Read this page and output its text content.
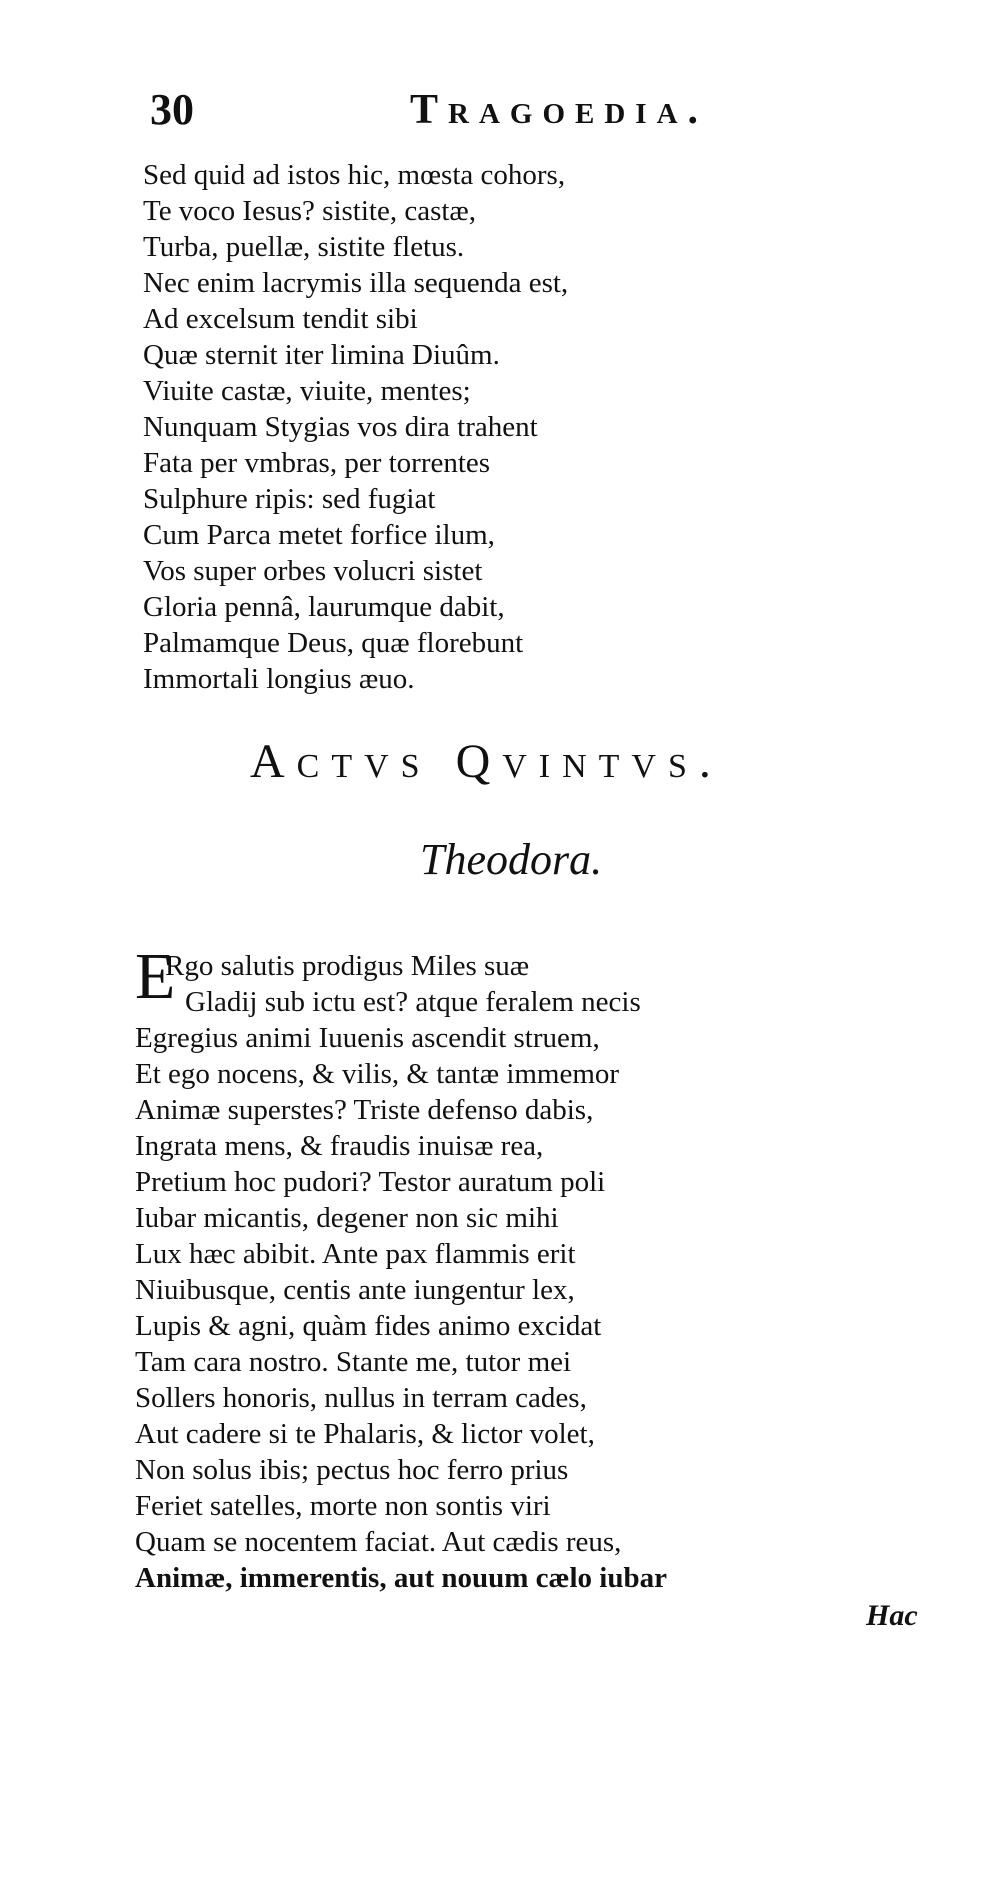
30	Tragoedia.
Sed quid ad istos hic, mœsta cohors,
Te voco Iesus? sistite, castæ,
Turba, puellæ, sistite fletus.
Nec enim lacrymis illa sequenda est,
Ad excelsum tendit sibi
Quæ sternit iter limina Diuûm.
Viuite castæ, viuite, mentes;
Nunquam Stygias vos dira trahent
Fata per vmbras, per torrentes
Sulphure ripis: sed fugiat
Cum Parca metet forfice ilum,
Vos super orbes volucri sistet
Gloria pennâ, laurumque dabit,
Palmamque Deus, quæ florebunt
Immortali longius æuo.
Actvs Qvintvs.
Theodora.
E
Rgo salutis prodigus Miles suæ
Gladij sub ictu est? atque feralem necis
Egregius animi Iuuenis ascendit struem,
Et ego nocens, & vilis, & tantæ immemor
Animæ superstes? Triste defenso dabis,
Ingrata mens, & fraudis inuisæ rea,
Pretium hoc pudori? Testor auratum poli
Iubar micantis, degener non sic mihi
Lux hæc abibit. Ante pax flammis erit
Niuibusque, centis ante iungentur lex,
Lupis & agni, quàm fides animo excidat
Tam cara nostro. Stante me, tutor mei
Sollers honoris, nullus in terram cades,
Aut cadere si te Phalaris, & lictor volet,
Non solus ibis; pectus hoc ferro prius
Feriet satelles, morte non sontis viri
Quam se nocentem faciat. Aut cædis reus,
Animæ, immerentis, aut nouum cælo iubar
Hac
